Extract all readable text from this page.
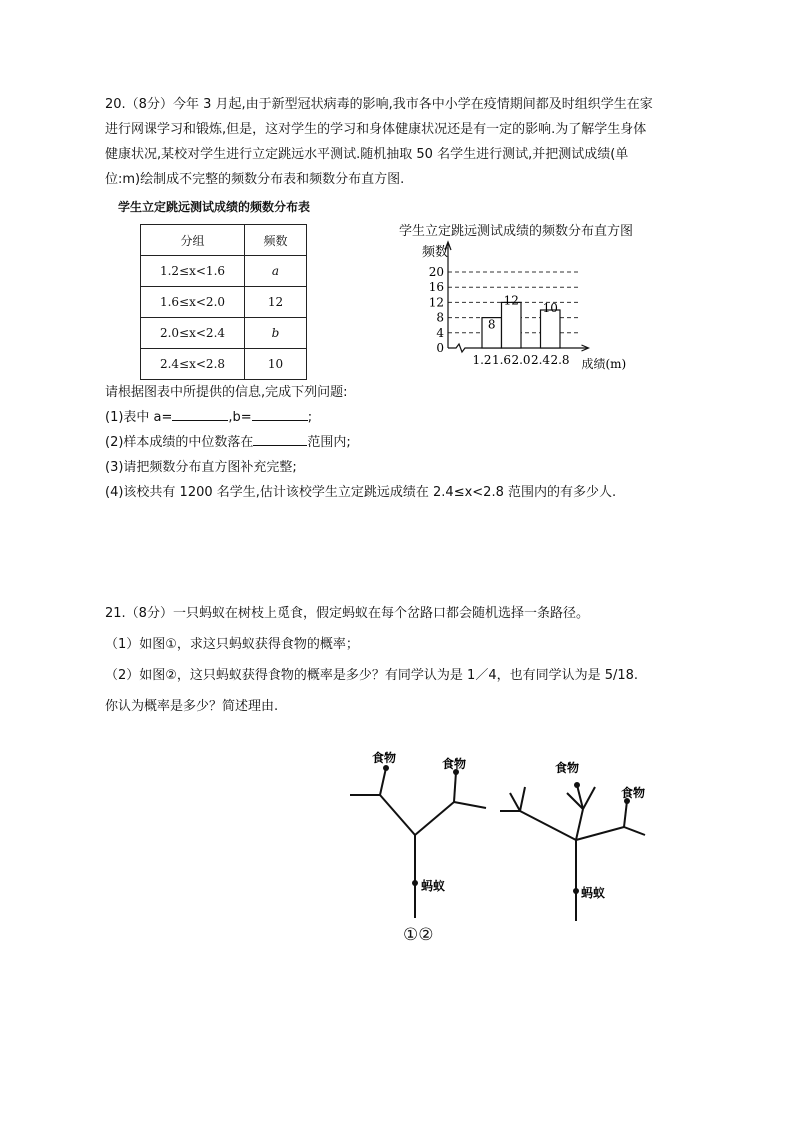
20.（8分）今年 3 月起,由于新型冠状病毒的影响,我市各中小学在疫情期间都及时组织学生在家
进行网课学习和锻炼,但是，这对学生的学习和身体健康状况还是有一定的影响.为了解学生身体
健康状况,某校对学生进行立定跳远水平测试.随机抽取 50 名学生进行测试,并把测试成绩(单
位:m)绘制成不完整的频数分布表和频数分布直方图.
学生立定跳远测试成绩的频数分布表
分组	频数
1.2≤x<1.6	a
1.6≤x<2.0	12
2.0≤x<2.4	b
2.4≤x<2.8	10
学生立定跳远测试成绩的频数分布直方图
20
16
12
8
4
0
频数
8
12
10
1.2 1.6 2.0 2.4 2.8 成绩(m)
请根据图表中所提供的信息,完成下列问题:
(1)表中 a=	,b=	;
(2)样本成绩的中位数落在	范围内;
(3)请把频数分布直方图补充完整;
(4)该校共有 1200 名学生,估计该校学生立定跳远成绩在 2.4≤x<2.8 范围内的有多少人.
21.（8分）一只蚂蚁在树枝上觅食，假定蚂蚁在每个岔路口都会随机选择一条路径。
（1）如图①，求这只蚂蚁获得食物的概率；
（2）如图②，这只蚂蚁获得食物的概率是多少？有同学认为是 1／4，也有同学认为是 5/18.
你认为概率是多少？简述理由.
食物	食物
蚂蚁
食物
食物
蚂蚁
①②
